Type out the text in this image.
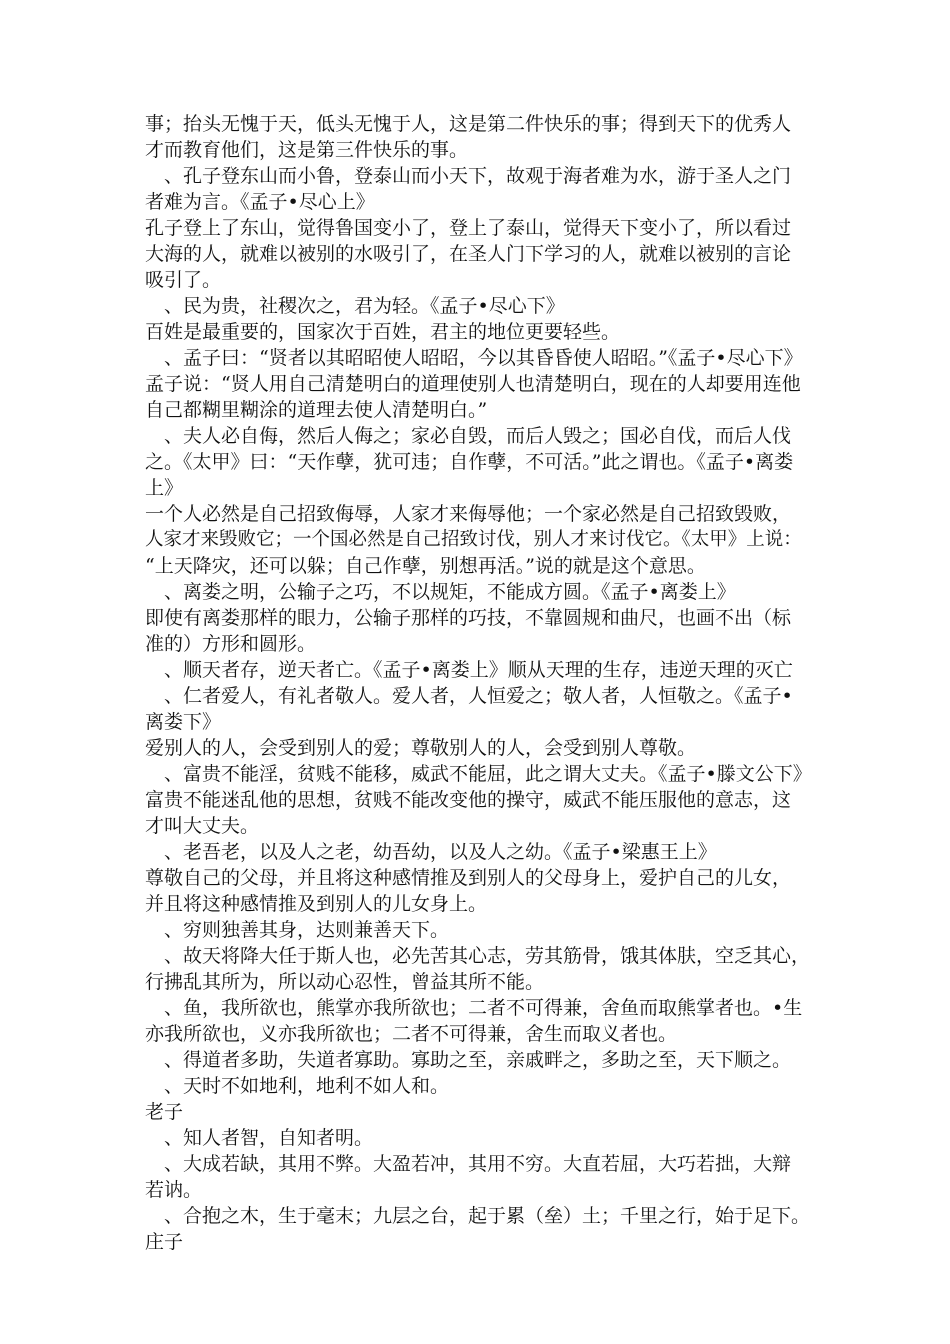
事；抬头无愧于天，低头无愧于人，这是第二件快乐的事；得到天下的优秀人
才而教育他们，这是第三件快乐的事。
　、孔子登东山而小鲁，登泰山而小天下，故观于海者难为水，游于圣人之门
者难为言。《孟子•尽心上》
孔子登上了东山，觉得鲁国变小了，登上了泰山，觉得天下变小了，所以看过
大海的人，就难以被别的水吸引了，在圣人门下学习的人，就难以被别的言论
吸引了。
　、民为贵，社稷次之，君为轻。《孟子•尽心下》
百姓是最重要的，国家次于百姓，君主的地位更要轻些。
　、孟子曰：“贤者以其昭昭使人昭昭，今以其昏昏使人昭昭。”《孟子•尽心下》
孟子说：“贤人用自己清楚明白的道理使别人也清楚明白，现在的人却要用连他
自己都糊里糊涂的道理去使人清楚明白。”
　、夫人必自侮，然后人侮之；家必自毁，而后人毁之；国必自伐，而后人伐
之。《太甲》曰：“天作孽，犹可违；自作孽，不可活。”此之谓也。《孟子•离娄
上》
一个人必然是自己招致侮辱，人家才来侮辱他；一个家必然是自己招致毁败，
人家才来毁败它；一个国必然是自己招致讨伐，别人才来讨伐它。《太甲》上说：
“上天降灾，还可以躲；自己作孽，别想再活。”说的就是这个意思。
　、离娄之明，公输子之巧，不以规矩，不能成方圆。《孟子•离娄上》
即使有离娄那样的眼力，公输子那样的巧技，不靠圆规和曲尺，也画不出（标
准的）方形和圆形。
　、顺天者存，逆天者亡。《孟子•离娄上》顺从天理的生存，违逆天理的灭亡
　、仁者爱人，有礼者敬人。爱人者，人恒爱之；敬人者，人恒敬之。《孟子•
离娄下》
爱别人的人，会受到别人的爱；尊敬别人的人，会受到别人尊敬。
　、富贵不能淫，贫贱不能移，威武不能屈，此之谓大丈夫。《孟子•滕文公下》
富贵不能迷乱他的思想，贫贱不能改变他的操守，威武不能压服他的意志，这
才叫大丈夫。
　、老吾老，以及人之老，幼吾幼，以及人之幼。《孟子•梁惠王上》
尊敬自己的父母，并且将这种感情推及到别人的父母身上，爱护自己的儿女，
并且将这种感情推及到别人的儿女身上。
　、穷则独善其身，达则兼善天下。
　、故天将降大任于斯人也，必先苦其心志，劳其筋骨，饿其体肤，空乏其心，
行拂乱其所为，所以动心忍性，曾益其所不能。
　、鱼，我所欲也，熊掌亦我所欲也；二者不可得兼，舍鱼而取熊掌者也。•生
亦我所欲也，义亦我所欲也；二者不可得兼，舍生而取义者也。
　、得道者多助，失道者寡助。寡助之至，亲戚畔之，多助之至，天下顺之。
　、天时不如地利，地利不如人和。
老子
　、知人者智，自知者明。
　、大成若缺，其用不弊。大盈若冲，其用不穷。大直若屈，大巧若拙，大辩
若讷。
　、合抱之木，生于毫末；九层之台，起于累（垒）土；千里之行，始于足下。
庄子
